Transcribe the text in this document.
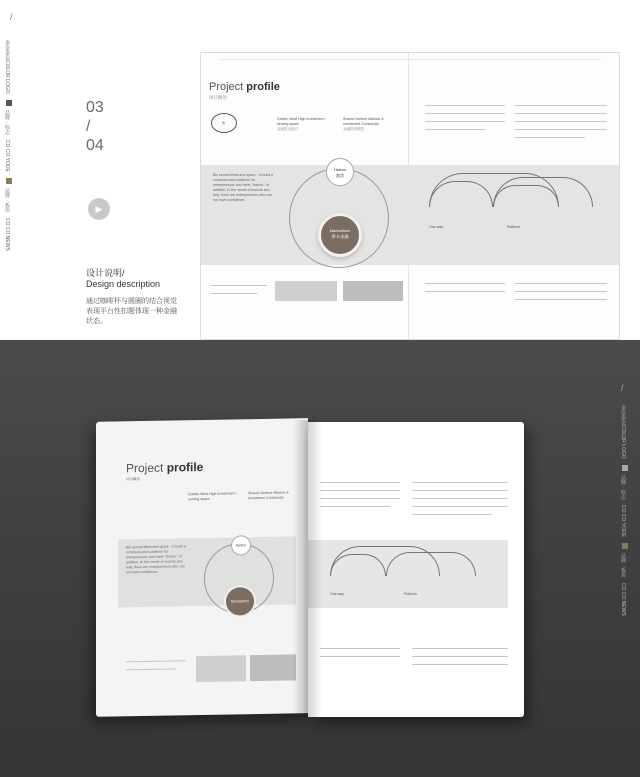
/
泰安泰安COLOR LOGO
品牌 · 标志
CO CO YOUE
品牌 · 板块
CO CO NEWS
03
/
04
▶
设计说明/
Design description
通过咖啡杯与圆圈的结合视觉表现平台性扣题体现一种金融状态。
Project profile
项目概况
☕
Golden West High Investment • serving space
金融资金配对
Shared Venture Alliance & Investment Community
金融投资联盟
Bin served West and space · to build a communication platform for entrepreneurs and meet "Harbor". In addition, to the needs of tourists and lady, there are entrepreneurs who can not have confidence.
Harbor
港湾
Macha/bmv
摩卡/金融
One-way	Platform
/
泰安泰安COLOR LOGO
品牌 · 标志
CO CO YOUE
品牌 · 板块
CO CO NEWS
Project profile
项目概况
Golden West High Investment • serving space
Shared Venture Alliance & Investment Community
Bin served West and space · to build a communication platform for entrepreneurs and meet "Harbor". In addition, to the needs of tourists and lady, there are entrepreneurs who can not have confidence.
Harbor
Macha/bmv
One-way	Platform
